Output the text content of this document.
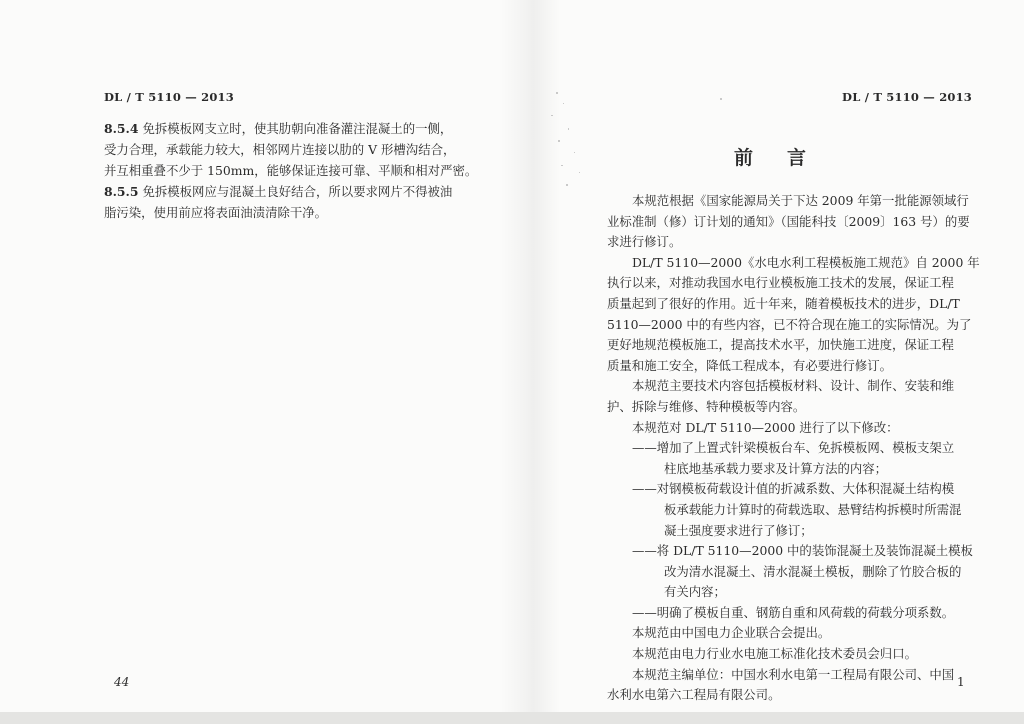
DL / T 5110 — 2013

8.5.4 免拆模板网支立时，使其肋朝向准备灌注混凝土的一侧，

受力合理，承载能力较大，相邻网片连接以肋的 V 形槽沟结合，

并互相重叠不少于 150mm，能够保证连接可靠、平顺和相对严密。

8.5.5 免拆模板网应与混凝土良好结合，所以要求网片不得被油

脂污染，使用前应将表面油渍清除干净。

44
DL / T 5110 — 2013
前 言
本规范根据《国家能源局关于下达 2009 年第一批能源领域行
业标准制（修）订计划的通知》（国能科技〔2009〕163 号）的要
求进行修订。
DL/T 5110—2000《水电水利工程模板施工规范》自 2000 年
执行以来，对推动我国水电行业模板施工技术的发展，保证工程
质量起到了很好的作用。近十年来，随着模板技术的进步，DL/T
5110—2000 中的有些内容，已不符合现在施工的实际情况。为了
更好地规范模板施工，提高技术水平，加快施工进度，保证工程
质量和施工安全，降低工程成本，有必要进行修订。
本规范主要技术内容包括模板材料、设计、制作、安装和维
护、拆除与维修、特种模板等内容。
本规范对 DL/T 5110—2000 进行了以下修改：
——增加了上置式针梁模板台车、免拆模板网、模板支架立
柱底地基承载力要求及计算方法的内容；
——对钢模板荷载设计值的折减系数、大体积混凝土结构模
板承载能力计算时的荷载选取、悬臂结构拆模时所需混
凝土强度要求进行了修订；
——将 DL/T 5110—2000 中的装饰混凝土及装饰混凝土模板
改为清水混凝土、清水混凝土模板，删除了竹胶合板的
有关内容；
——明确了模板自重、钢筋自重和风荷载的荷载分项系数。
本规范由中国电力企业联合会提出。
本规范由电力行业水电施工标准化技术委员会归口。
本规范主编单位：中国水利水电第一工程局有限公司、中国
水利水电第六工程局有限公司。
1
